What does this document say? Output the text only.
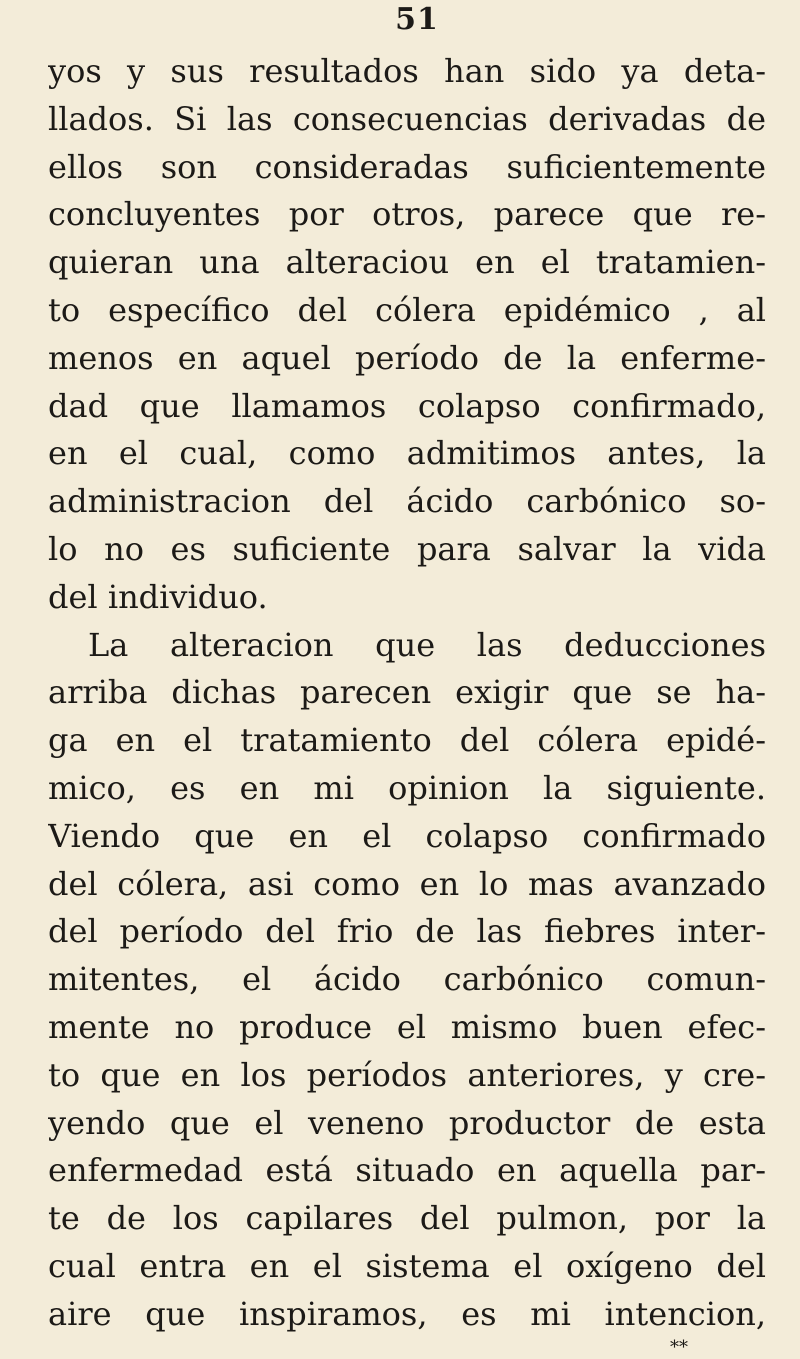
51
yos y sus resultados han sido ya deta-
llados. Si las consecuencias derivadas de
ellos son consideradas suficientemente
concluyentes por otros, parece que re-
quieran una alteraciou en el tratamien-
to específico del cólera epidémico , al
menos en aquel período de la enferme-
dad que llamamos colapso confirmado,
en el cual, como admitimos antes, la
administracion del ácido carbónico so-
lo no es suficiente para salvar la vida
del individuo.
La alteracion que las deducciones
arriba dichas parecen exigir que se ha-
ga en el tratamiento del cólera epidé-
mico, es en mi opinion la siguiente.
Viendo que en el colapso confirmado
del cólera, asi como en lo mas avanzado
del período del frio de las fiebres inter-
mitentes, el ácido carbónico comun-
mente no produce el mismo buen efec-
to que en los períodos anteriores, y cre-
yendo que el veneno productor de esta
enfermedad está situado en aquella par-
te de los capilares del pulmon, por la
cual entra en el sistema el oxígeno del
aire que inspiramos, es mi intencion,
**
